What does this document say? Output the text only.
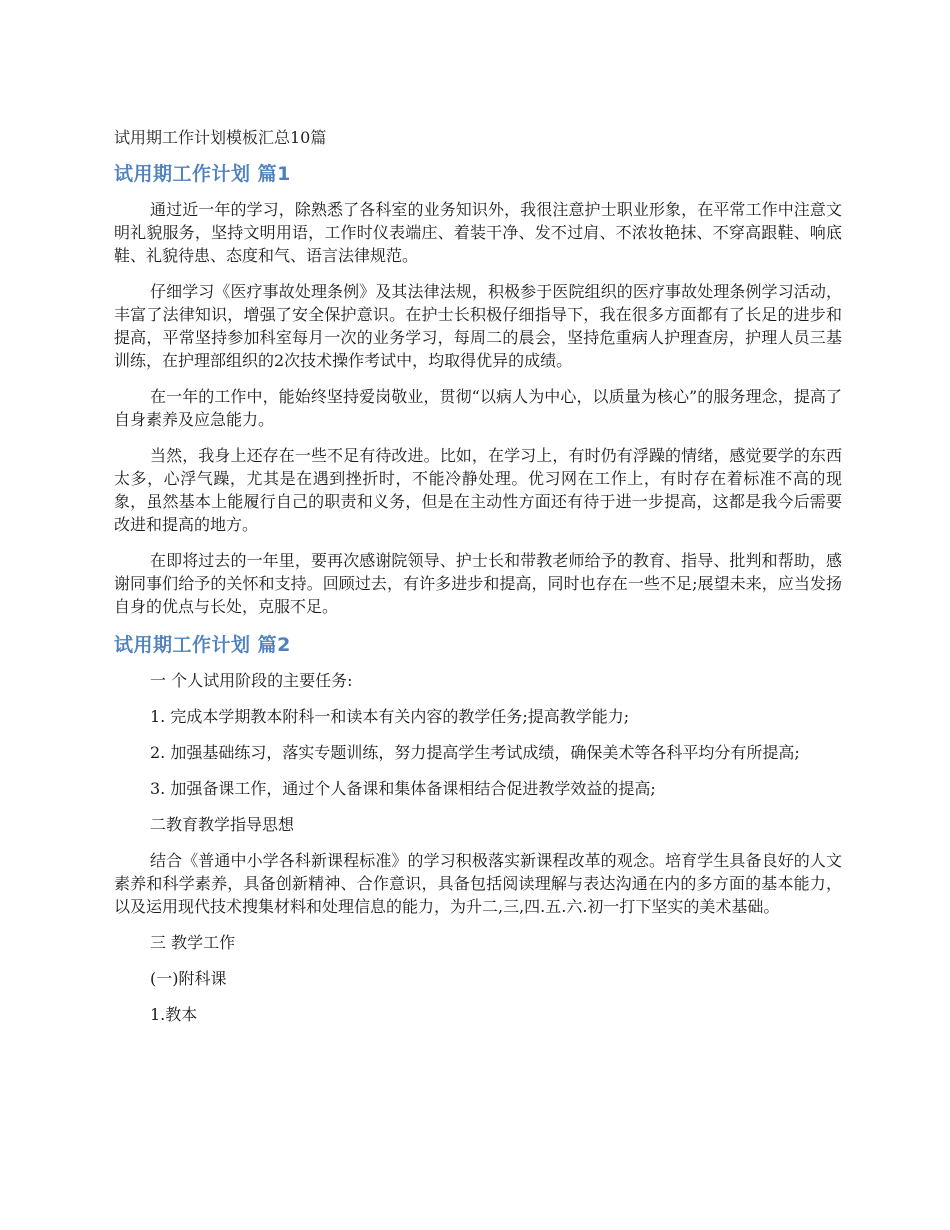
试用期工作计划模板汇总10篇
试用期工作计划 篇1

通过近一年的学习，除熟悉了各科室的业务知识外，我很注意护士职业形象，在平常工作中注意文明礼貌服务，坚持文明用语，工作时仪表端庄、着装干净、发不过肩、不浓妆艳抹、不穿高跟鞋、响底鞋、礼貌待患、态度和气、语言法律规范。

仔细学习《医疗事故处理条例》及其法律法规，积极参于医院组织的医疗事故处理条例学习活动，丰富了法律知识，增强了安全保护意识。在护士长积极仔细指导下，我在很多方面都有了长足的进步和提高，平常坚持参加科室每月一次的业务学习，每周二的晨会，坚持危重病人护理查房，护理人员三基训练，在护理部组织的2次技术操作考试中，均取得优异的成绩。

在一年的工作中，能始终坚持爱岗敬业，贯彻“以病人为中心，以质量为核心”的服务理念，提高了自身素养及应急能力。

当然，我身上还存在一些不足有待改进。比如，在学习上，有时仍有浮躁的情绪，感觉要学的东西太多，心浮气躁，尤其是在遇到挫折时，不能冷静处理。优习网在工作上，有时存在着标准不高的现象，虽然基本上能履行自己的职责和义务，但是在主动性方面还有待于进一步提高，这都是我今后需要改进和提高的地方。

在即将过去的一年里，要再次感谢院领导、护士长和带教老师给予的教育、指导、批判和帮助，感谢同事们给予的关怀和支持。回顾过去，有许多进步和提高，同时也存在一些不足;展望未来，应当发扬自身的优点与长处，克服不足。

试用期工作计划 篇2

一 个人试用阶段的主要任务:

1. 完成本学期教本附科一和读本有关内容的教学任务;提高教学能力;

2. 加强基础练习，落实专题训练，努力提高学生考试成绩，确保美术等各科平均分有所提高;

3. 加强备课工作，通过个人备课和集体备课相结合促进教学效益的提高;

二教育教学指导思想

结合《普通中小学各科新课程标准》的学习积极落实新课程改革的观念。培育学生具备良好的人文素养和科学素养，具备创新精神、合作意识，具备包括阅读理解与表达沟通在内的多方面的基本能力，以及运用现代技术搜集材料和处理信息的能力，为升二,三,四.五.六.初一打下坚实的美术基础。

三 教学工作

(一)附科课

1.教本
